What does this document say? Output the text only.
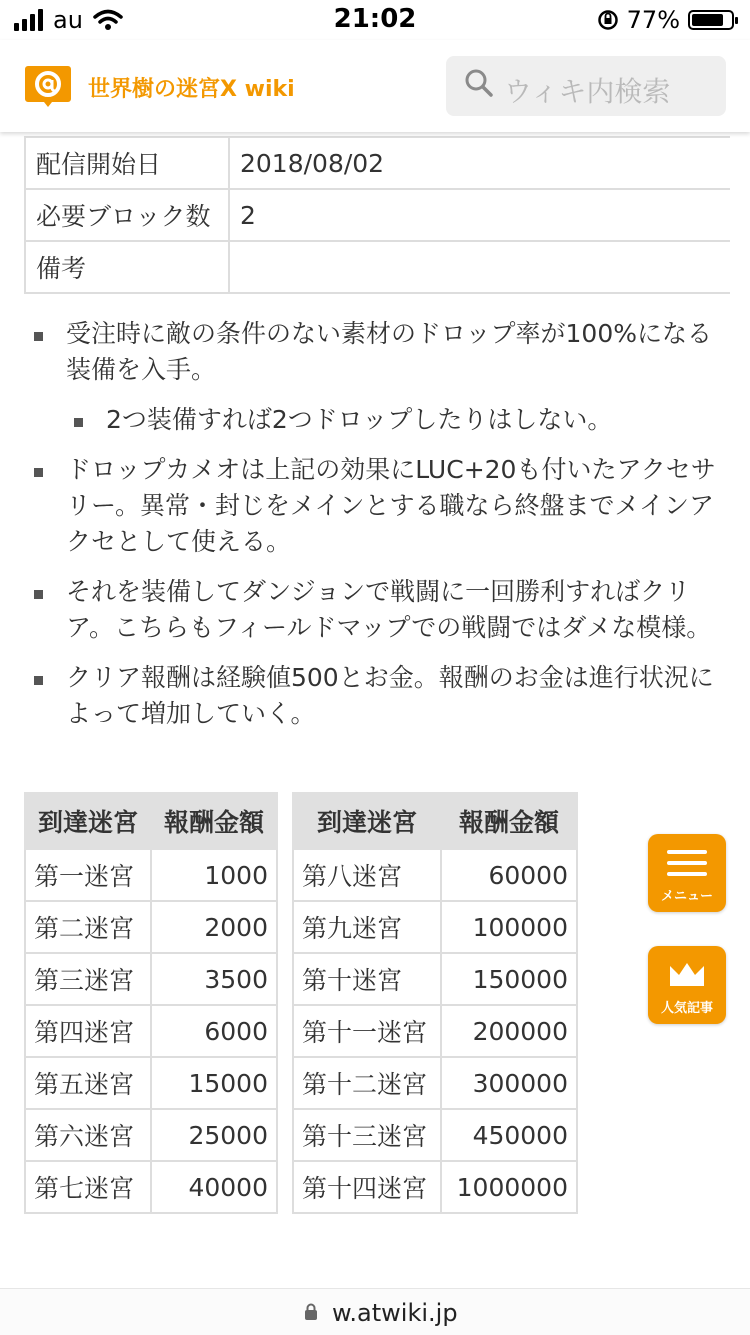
au	21:02	77%
世界樹の迷宮X wiki	ウィキ内検索
配信開始日	2018/08/02
必要ブロック数	2
備考	
受注時に敵の条件のない素材のドロップ率が100%になる装備を入手。
2つ装備すれば2つドロップしたりはしない。
ドロップカメオは上記の効果にLUC+20も付いたアクセサリー。異常・封じをメインとする職なら終盤までメインアクセとして使える。
それを装備してダンジョンで戦闘に一回勝利すればクリア。こちらもフィールドマップでの戦闘ではダメな模様。
クリア報酬は経験値500とお金。報酬のお金は進行状況によって増加していく。
到達迷宮	報酬金額		到達迷宮	報酬金額
第一迷宮	1000		第八迷宮	60000
第二迷宮	2000		第九迷宮	100000
第三迷宮	3500		第十迷宮	150000
第四迷宮	6000		第十一迷宮	200000
第五迷宮	15000		第十二迷宮	300000
第六迷宮	25000		第十三迷宮	450000
第七迷宮	40000		第十四迷宮	1000000
メニュー
人気記事
w.atwiki.jp
